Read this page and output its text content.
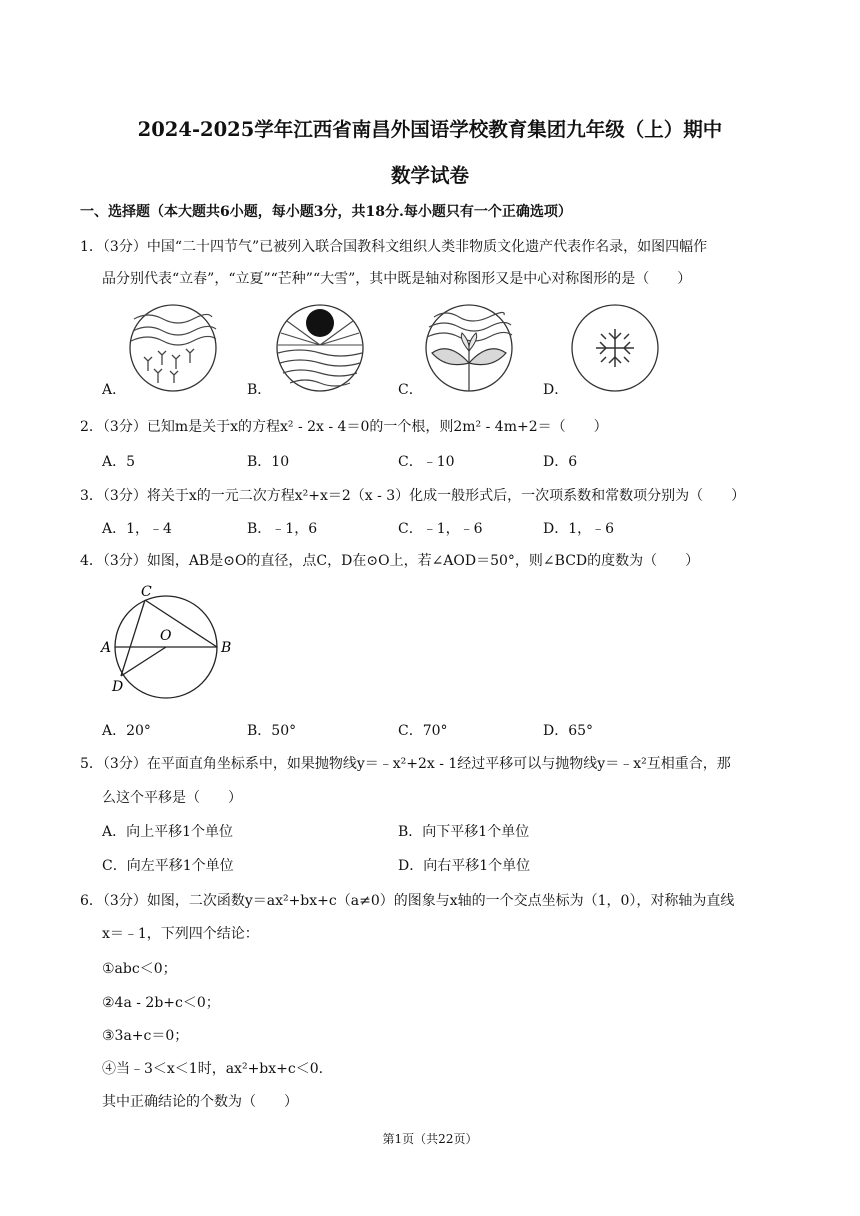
2024-2025学年江西省南昌外国语学校教育集团九年级（上）期中
数学试卷
一、选择题（本大题共6小题，每小题3分，共18分.每小题只有一个正确选项）
1．（3分）中国“二十四节气”已被列入联合国教科文组织人类非物质文化遗产代表作名录，如图四幅作
品分别代表“立春”，“立夏”“芒种”“大雪”，其中既是轴对称图形又是中心对称图形的是（　　）
A．	B．	C．	D．
2．（3分）已知m是关于x的方程x² - 2x - 4＝0的一个根，则2m² - 4m+2＝（　　）
A．5	B．10	C．﹣10	D．6
3．（3分）将关于x的一元二次方程x²+x＝2（x - 3）化成一般形式后，一次项系数和常数项分别为（　　）
A．1，﹣4	B．﹣1，6	C．﹣1，﹣6	D．1，﹣6
4．（3分）如图，AB是⊙O的直径，点C，D在⊙O上，若∠AOD＝50°，则∠BCD的度数为（　　）
A	B
C
D
O
A．20°	B．50°	C．70°	D．65°
5．（3分）在平面直角坐标系中，如果抛物线y＝﹣x²+2x - 1经过平移可以与抛物线y＝﹣x²互相重合，那
么这个平移是（　　）
A．向上平移1个单位	B．向下平移1个单位
C．向左平移1个单位	D．向右平移1个单位
6．（3分）如图，二次函数y＝ax²+bx+c（a≠0）的图象与x轴的一个交点坐标为（1，0），对称轴为直线
x＝﹣1，下列四个结论：
①abc＜0；
②4a - 2b+c＜0；
③3a+c＝0；
④当﹣3＜x＜1时，ax²+bx+c＜0.
其中正确结论的个数为（　　）
第1页（共22页）
